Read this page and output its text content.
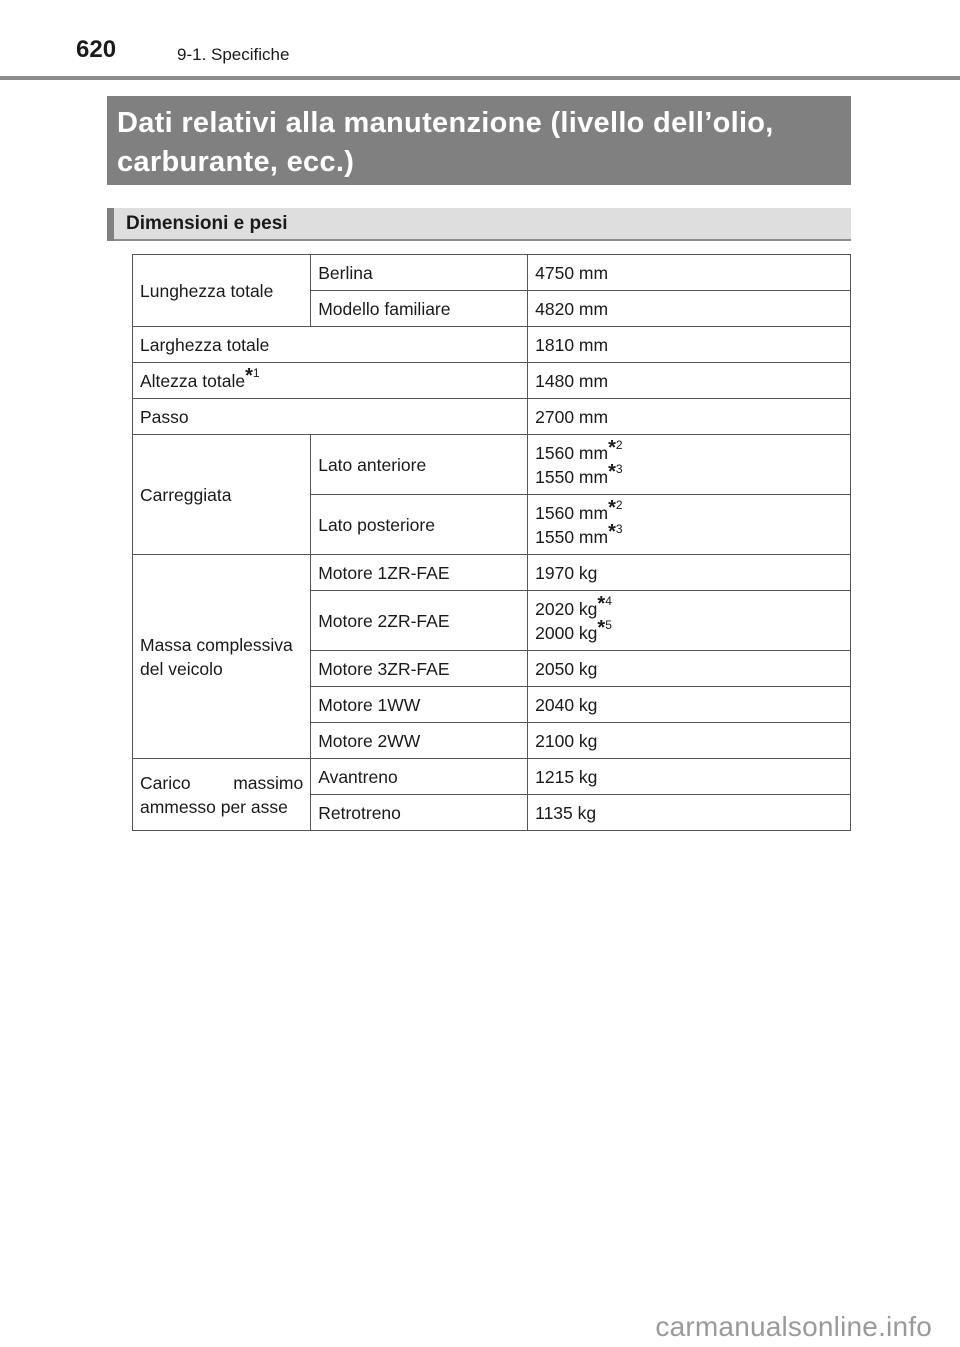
620	9-1. Specifiche
Dati relativi alla manutenzione (livello dell’olio,
carburante, ecc.)
Dimensioni e pesi
Lunghezza totale	Berlina	4750 mm
	Modello familiare	4820 mm
Larghezza totale		1810 mm
Altezza totale*$^1$		1480 mm
Passo		2700 mm
Carreggiata	Lato anteriore	1560 mm*$^2$
1550 mm*$^3$

	Lato posteriore	1560 mm*$^2$
1550 mm*$^3$

Massa complessiva
del veicolo	Motore 1ZR-FAE	1970 kg
	Motore 2ZR-FAE	2020 kg*$^4$
2000 kg*$^5$

	Motore 3ZR-FAE	2050 kg
	Motore 1WW	2040 kg
	Motore 2WW	2100 kg

Carico massimo
ammesso per asse	Avantreno	1215 kg
	Retrotreno	1135 kg
carmanualsonline.info
